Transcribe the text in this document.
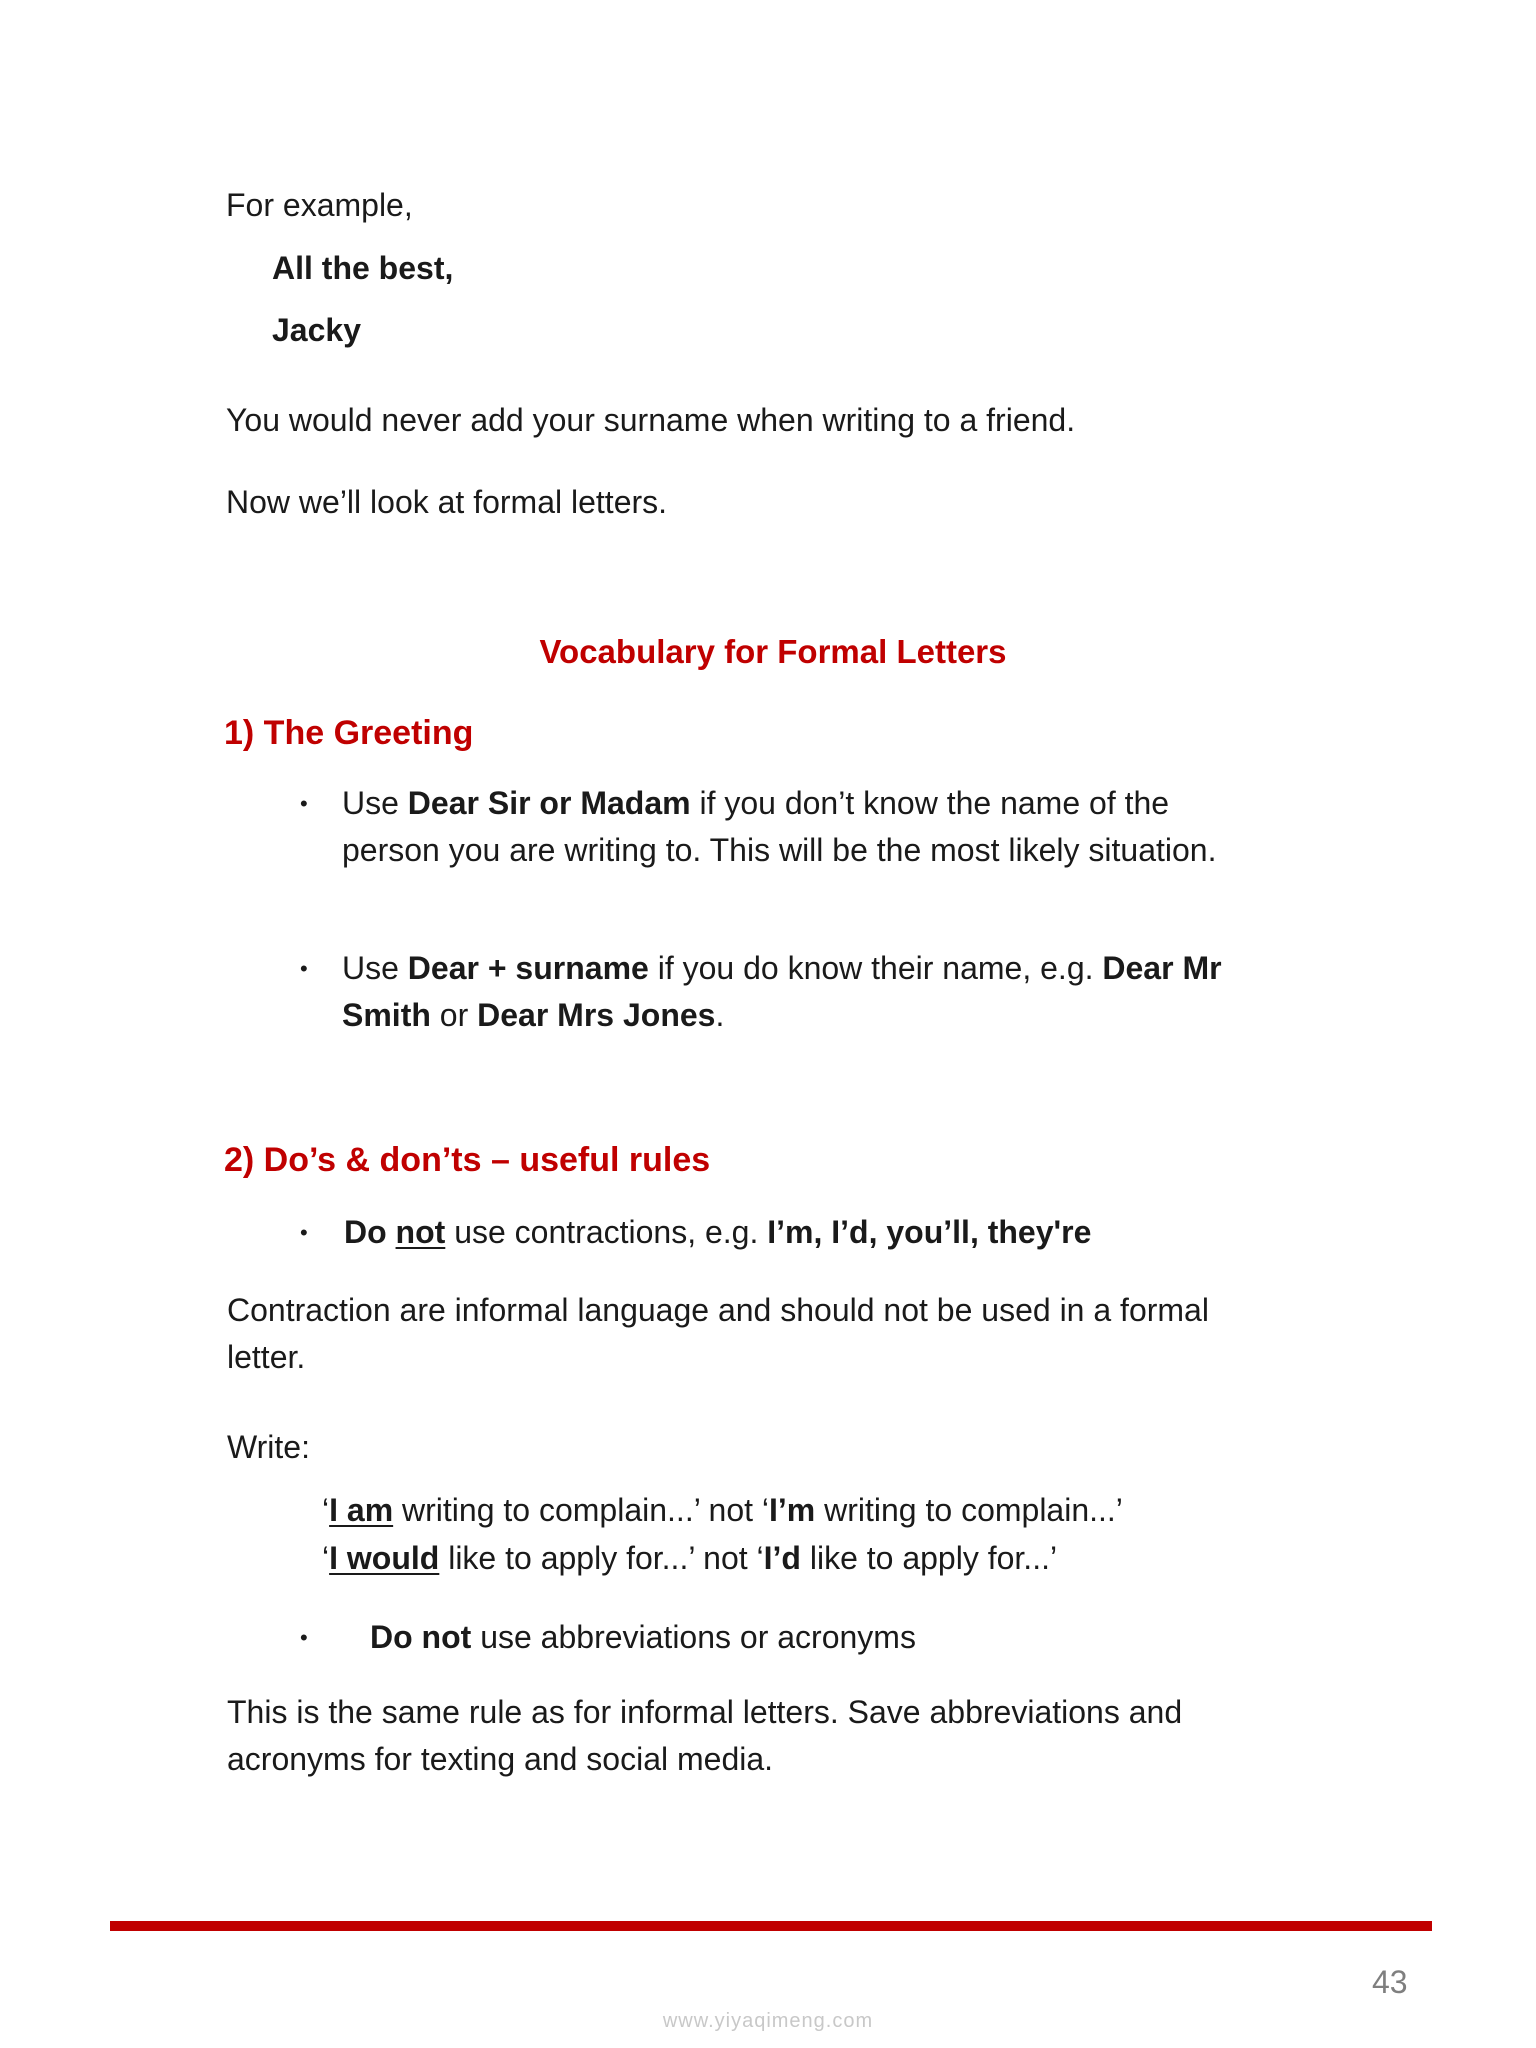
For example,

All the best,

Jacky

You would never add your surname when writing to a friend.

Now we’ll look at formal letters.

Vocabulary for Formal Letters

1) The Greeting

• Use Dear Sir or Madam if you don’t know the name of the
person you are writing to. This will be the most likely situation.
• Use Dear + surname if you do know their name, e.g. Dear Mr
Smith or Dear Mrs Jones.

2) Do’s & don’ts – useful rules

• Do not use contractions, e.g. I’m, I’d, you’ll, they're

Contraction are informal language and should not be used in a formal

letter.

Write:

‘I am writing to complain...’ not ‘I’m writing to complain...’
‘I would like to apply for...’ not ‘I’d like to apply for...’
• Do not use abbreviations or acronyms

This is the same rule as for informal letters. Save abbreviations and

acronyms for texting and social media.

43
www.yiyaqimeng.com
